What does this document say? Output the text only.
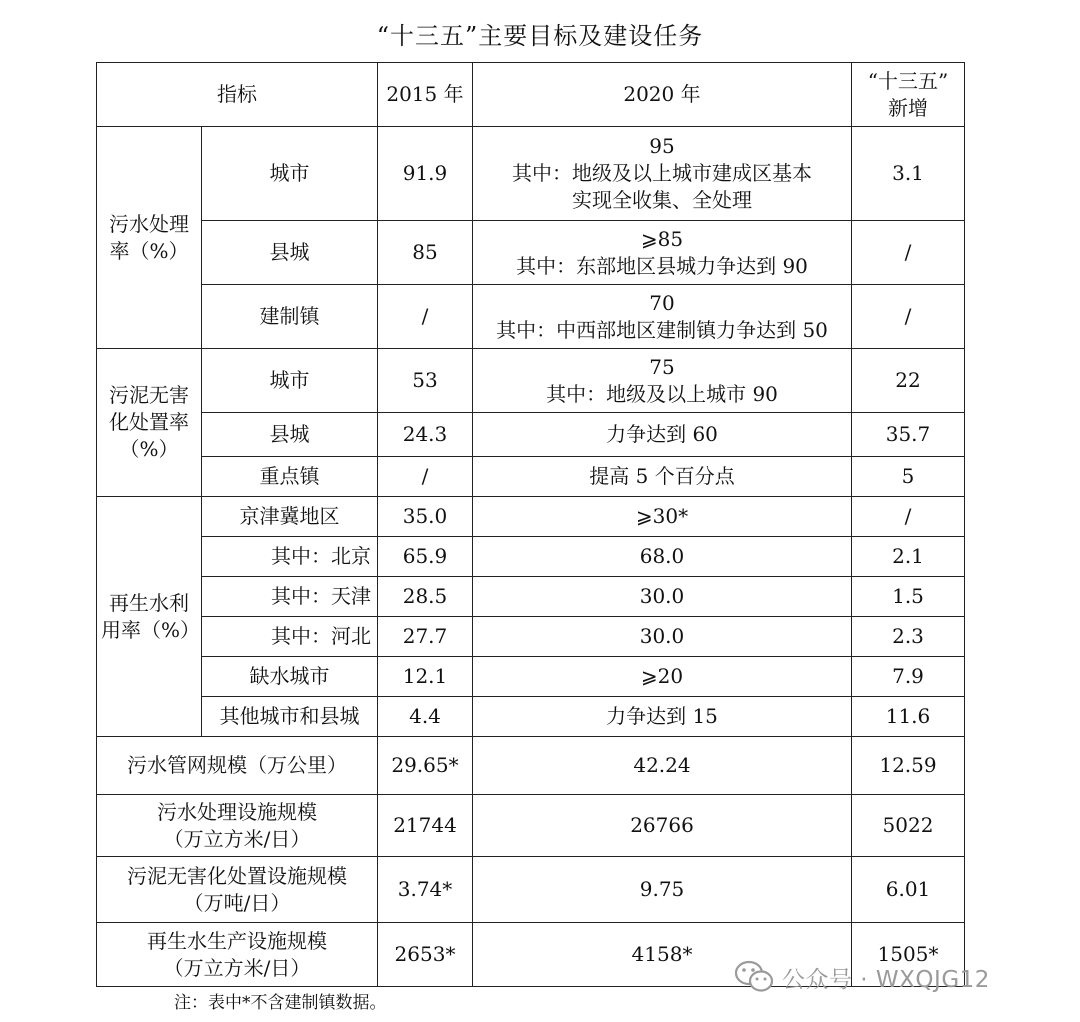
“十三五”主要目标及建设任务
指标		2015 年	2020 年	“十三五”
新增

污水处理率（%）	城市	91.9	95
其中：地级及以上城市建成区基本
实现全收集、全处理	3.1
	县城	85	⩾85
其中：东部地区县城力争达到 90	/
	建制镇	/	70
其中：中西部地区建制镇力争达到 50	/

污泥无害
化处置率
（%）	城市	53	75
其中：地级及以上城市 90	22
	县城	24.3	力争达到 60	35.7
	重点镇	/	提高 5 个百分点	5

再生水利
用率（%）	京津冀地区	35.0	⩾30*	/
	其中：北京	65.9	68.0	2.1
	其中：天津	28.5	30.0	1.5
	其中：河北	27.7	30.0	2.3
	缺水城市	12.1	⩾20	7.9
	其他城市和县城	4.4	力争达到 15	11.6
污水管网规模（万公里）		29.65*	42.24	12.59

污水处理设施规模
（万立方米/日）		21744	26766	5022

污泥无害化处置设施规模
（万吨/日）		3.74*	9.75	6.01

再生水生产设施规模
（万立方米/日）		2653*	4158*	1505*
注：表中*不含建制镇数据。
公众号 · WXQJG12
